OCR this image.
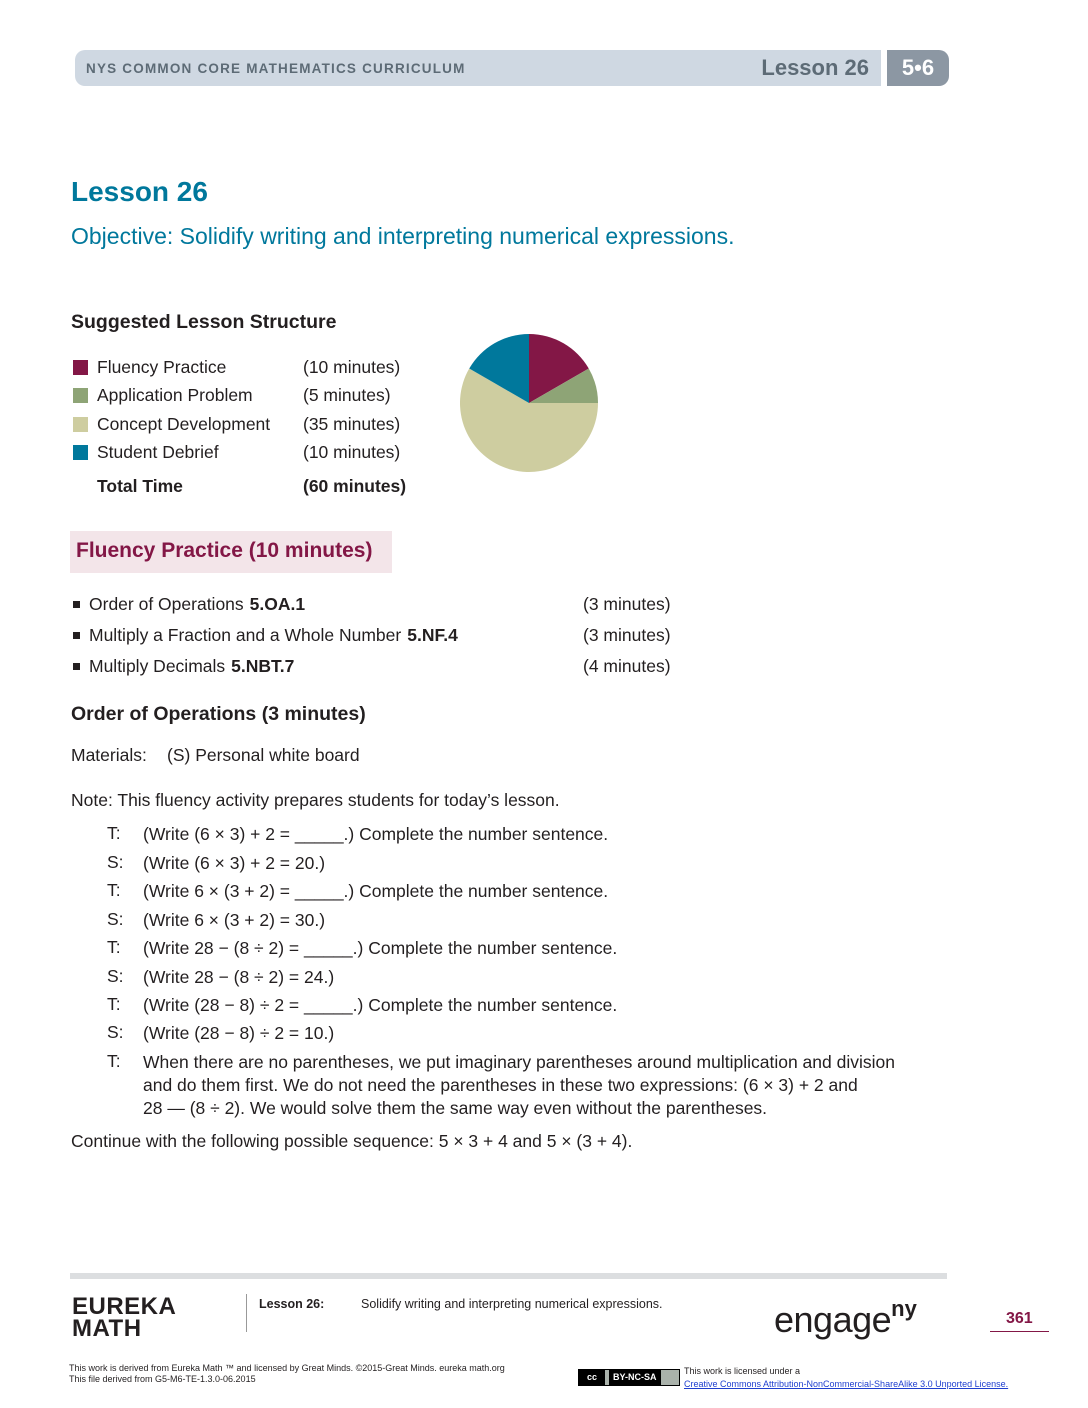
NYS COMMON CORE MATHEMATICS CURRICULUM	Lesson 26	5•6
Lesson 26
Objective: Solidify writing and interpreting numerical expressions.
Suggested Lesson Structure
Fluency Practice	(10 minutes)
Application Problem	(5 minutes)
Concept Development (35 minutes)
Student Debrief	(10 minutes)
Total Time	(60 minutes)
Fluency Practice (10 minutes)
Order of Operations 5.OA.1	(3 minutes)
Multiply a Fraction and a Whole Number 5.NF.4	(3 minutes)
Multiply Decimals 5.NBT.7	(4 minutes)
Order of Operations (3 minutes)
Materials: (S) Personal white board
Note: This fluency activity prepares students for today’s lesson.
T: (Write (6 × 3) + 2 = _____.) Complete the number sentence.
S: (Write (6 × 3) + 2 = 20.)
T: (Write 6 × (3 + 2) = _____.) Complete the number sentence.
S: (Write 6 × (3 + 2) = 30.)
T: (Write 28 − (8 ÷ 2) = _____.) Complete the number sentence.
S: (Write 28 − (8 ÷ 2) = 24.)
T: (Write (28 − 8) ÷ 2 = _____.) Complete the number sentence.
S: (Write (28 − 8) ÷ 2 = 10.)
T: When there are no parentheses, we put imaginary parentheses around multiplication and division
and do them first. We do not need the parentheses in these two expressions: (6 × 3) + 2 and
28 — (8 ÷ 2). We would solve them the same way even without the parentheses.
Continue with the following possible sequence: 5 × 3 + 4 and 5 × (3 + 4).
EUREKA
MATH
Lesson 26:	Solidify writing and interpreting numerical expressions.	engage$^{ny}$	361
This work is derived from Eureka Math ™ and licensed by Great Minds. ©2015-Great Minds. eureka math.org
This file derived from G5-M6-TE-1.3.0-06.2015	cc	BY-NC-SA
This work is licensed under a
Creative Commons Attribution-NonCommercial-ShareAlike 3.0 Unported License.
